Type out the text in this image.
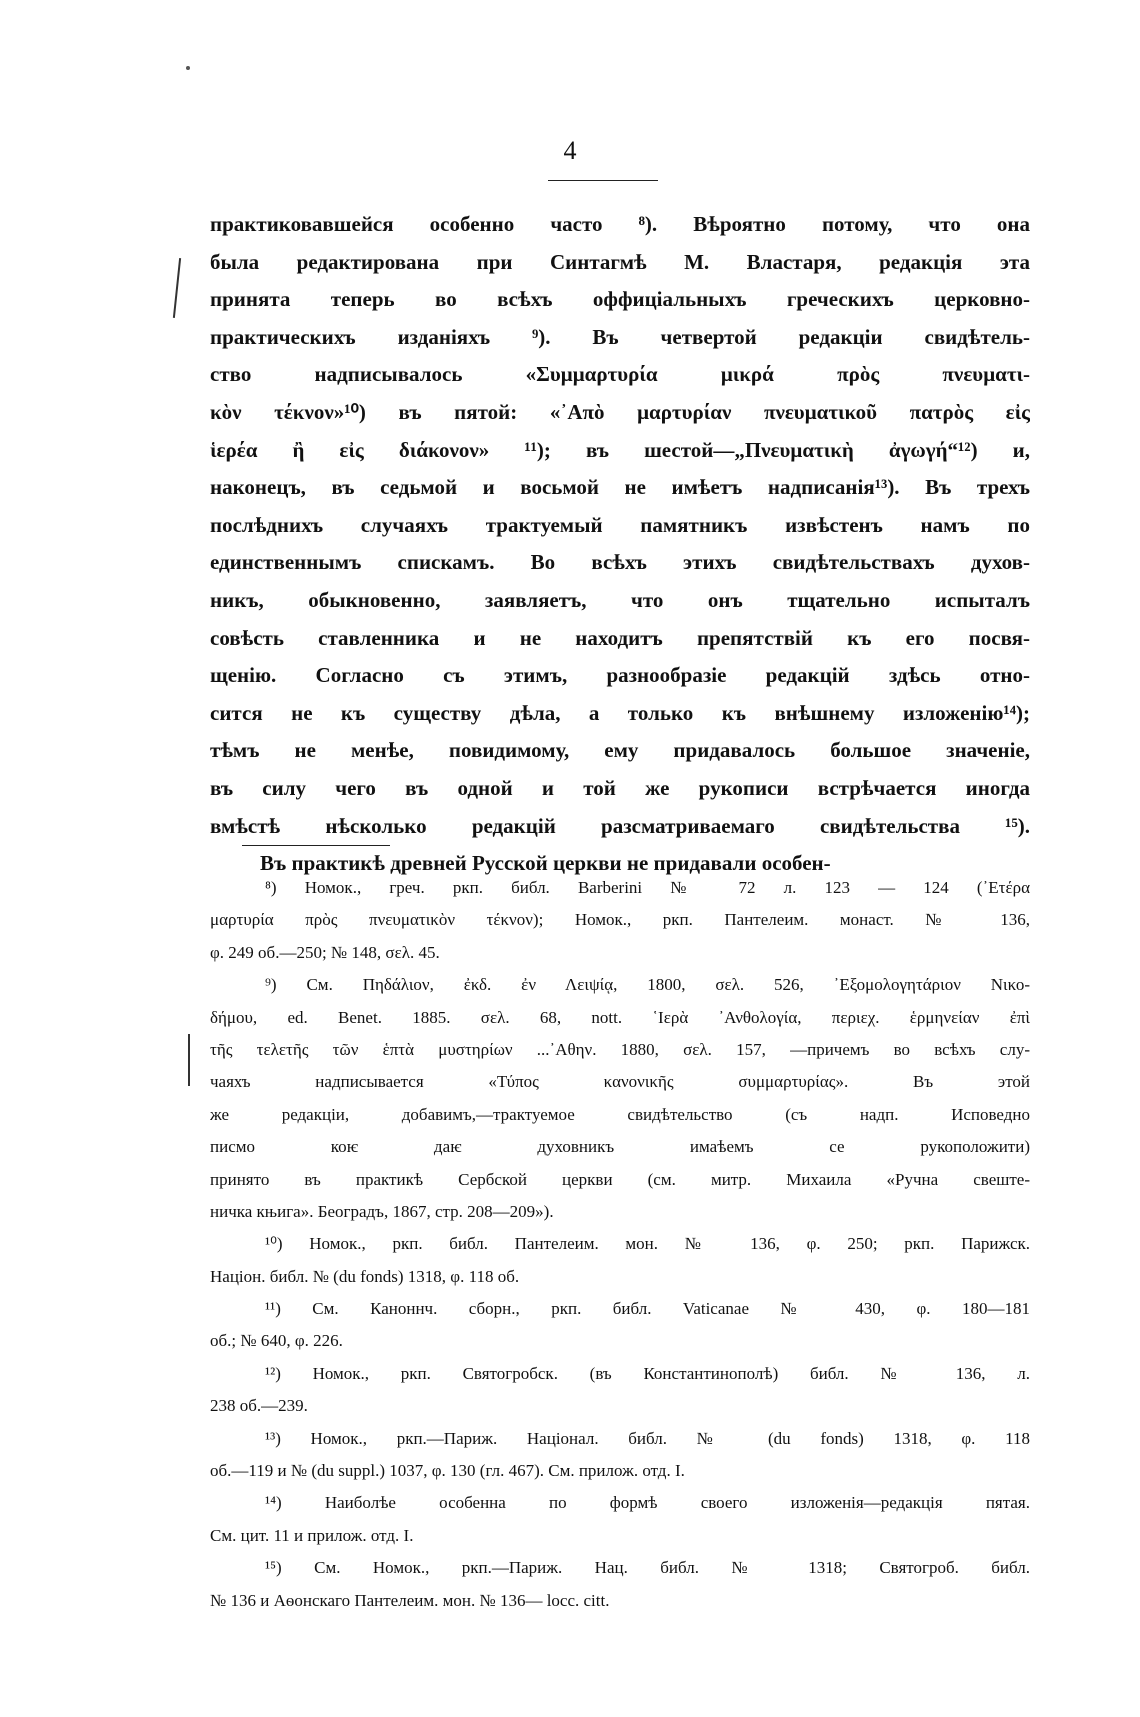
4
практиковавшейся особенно часто ⁸). Вѣроятно потому, что она
была редактирована при Синтагмѣ М. Властаря, редакція эта
принята теперь во всѣхъ оффиціальныхъ греческихъ церковно-
практическихъ изданіяхъ ⁹). Въ четвертой редакціи свидѣтель-
ство надписывалось «Συμμαρτυρία μικρά πρὸς πνευματι-
κὸν τέκνον»¹⁰) въ пятой: «᾿Απὸ μαρτυρίαν πνευματικοῦ πατρὸς εἰς
ἱερέα ἢ εἰς διάκονον» ¹¹); въ шестой—„Πνευματικὴ ἀγωγή“¹²) и,
наконецъ, въ седьмой и восьмой не имѣетъ надписанія¹³). Въ трехъ
послѣднихъ случаяхъ трактуемый памятникъ извѣстенъ намъ по
единственнымъ спискамъ. Во всѣхъ этихъ свидѣтельствахъ духов-
никъ, обыкновенно, заявляетъ, что онъ тщательно испыталъ
совѣсть ставленника и не находитъ препятствій къ его посвя-
щенію. Согласно съ этимъ, разнообразіе редакцій здѣсь отно-
сится не къ существу дѣла, а только къ внѣшнему изложенію¹⁴);
тѣмъ не менѣе, повидимому, ему придавалось большое значеніе,
въ силу чего въ одной и той же рукописи встрѣчается иногда
вмѣстѣ нѣсколько редакцій разсматриваемаго свидѣтельства ¹⁵).
Въ практикѣ древней Русской церкви не придавали особен-
⁸) Номок., греч. ркп. библ. Barberini № 72 л. 123 — 124 (᾿Ετέρα
μαρτυρία πρὸς πνευματικὸν τέκνον); Номок., ркп. Пантелеим. монаст. № 136,
φ. 249 об.—250; № 148, σελ. 45.
⁹) См. Πηδάλιον, ἐκδ. ἐν Λειψίᾳ, 1800, σελ. 526, ᾿Εξομολογητάριον Νικο-
δήμου, ed. Benet. 1885. σελ. 68, nott. ῾Ιερὰ ᾿Ανθολογία, περιεχ. ἑρμηνείαν ἐπὶ
τῆς τελετῆς τῶν ἑπτὰ μυστηρίων ...᾿Αθην. 1880, σελ. 157, —причемъ во всѣхъ слу-
чаяхъ надписывается «Τύπος κανονικῆς συμμαρτυρίας». Въ этой
же редакціи, добавимъ,—трактуемое свидѣтельство (съ надп. Исповедно
писмо коѥ даѥ духовникъ имаѣемъ се рукоположити)
принято въ практикѣ Сербской церкви (см. митр. Михаила «Ручна свеште-
ничка књига». Београдъ, 1867, стр. 208—209»).
¹⁰) Номок., ркп. библ. Пантелеим. мон. № 136, φ. 250; ркп. Парижск.
Націон. библ. № (du fonds) 1318, φ. 118 об.
¹¹) См. Каноннч. сборн., ркп. библ. Vaticanae № 430, φ. 180—181
об.; № 640, φ. 226.
¹²) Номок., ркп. Святогробск. (въ Константинополѣ) библ. № 136, л.
238 об.—239.
¹³) Номок., ркп.—Париж. Націонал. библ. № (du fonds) 1318, φ. 118
об.—119 и № (du suppl.) 1037, φ. 130 (гл. 467). См. прилож. отд. I.
¹⁴) Наиболѣе особенна по формѣ своего изложенія—редакція пятая.
См. цит. 11 и прилож. отд. I.
¹⁵) См. Номок., ркп.—Париж. Нац. библ. № 1318; Святогроб. библ.
№ 136 и Аѳонскаго Пантелеим. мон. № 136— locc. citt.
